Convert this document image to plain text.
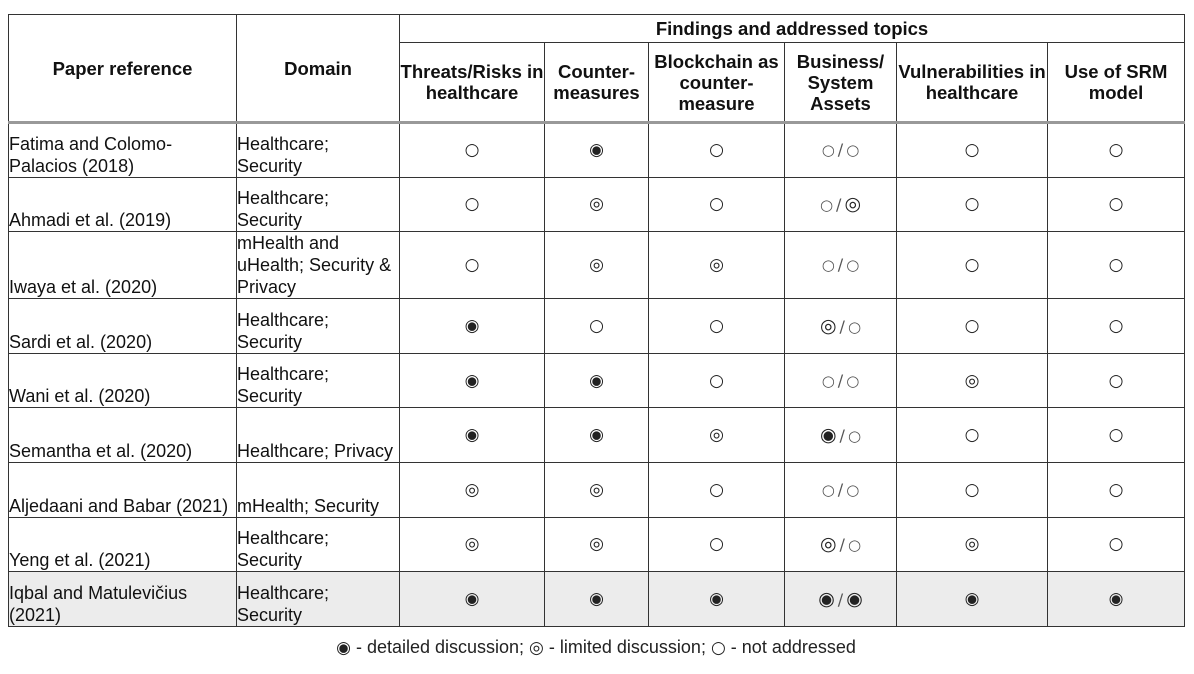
Paper reference	Domain	Findings and addressed topics					
		Threats/Risks in healthcare	Counter-measures	Blockchain as counter-measure	Business/ System Assets	Vulnerabilities in healthcare	Use of SRM model
Fatima and Colomo-Palacios (2018)	Healthcare; Security	○	◉	○	○ / ○	○	○
Ahmadi et al. (2019)	Healthcare; Security	○	◎	○	○ / ◎	○	○
Iwaya et al. (2020)	mHealth and uHealth; Security & Privacy	○	◎	◎	○ / ○	○	○
Sardi et al. (2020)	Healthcare; Security	◉	○	○	◎ / ○	○	○
Wani et al. (2020)	Healthcare; Security	◉	◉	○	○ / ○	◎	○
Semantha et al. (2020)	Healthcare; Privacy	◉	◉	◎	◉ / ○	○	○
Aljedaani and Babar (2021)	mHealth; Security	◎	◎	○	○ / ○	○	○
Yeng et al. (2021)	Healthcare; Security	◎	◎	○	◎ / ○	◎	○
Iqbal and Matulevičius (2021)	Healthcare; Security	◉	◉	◉	◉ / ◉	◉	◉
◉ - detailed discussion; ◎ - limited discussion; ○ - not addressed
